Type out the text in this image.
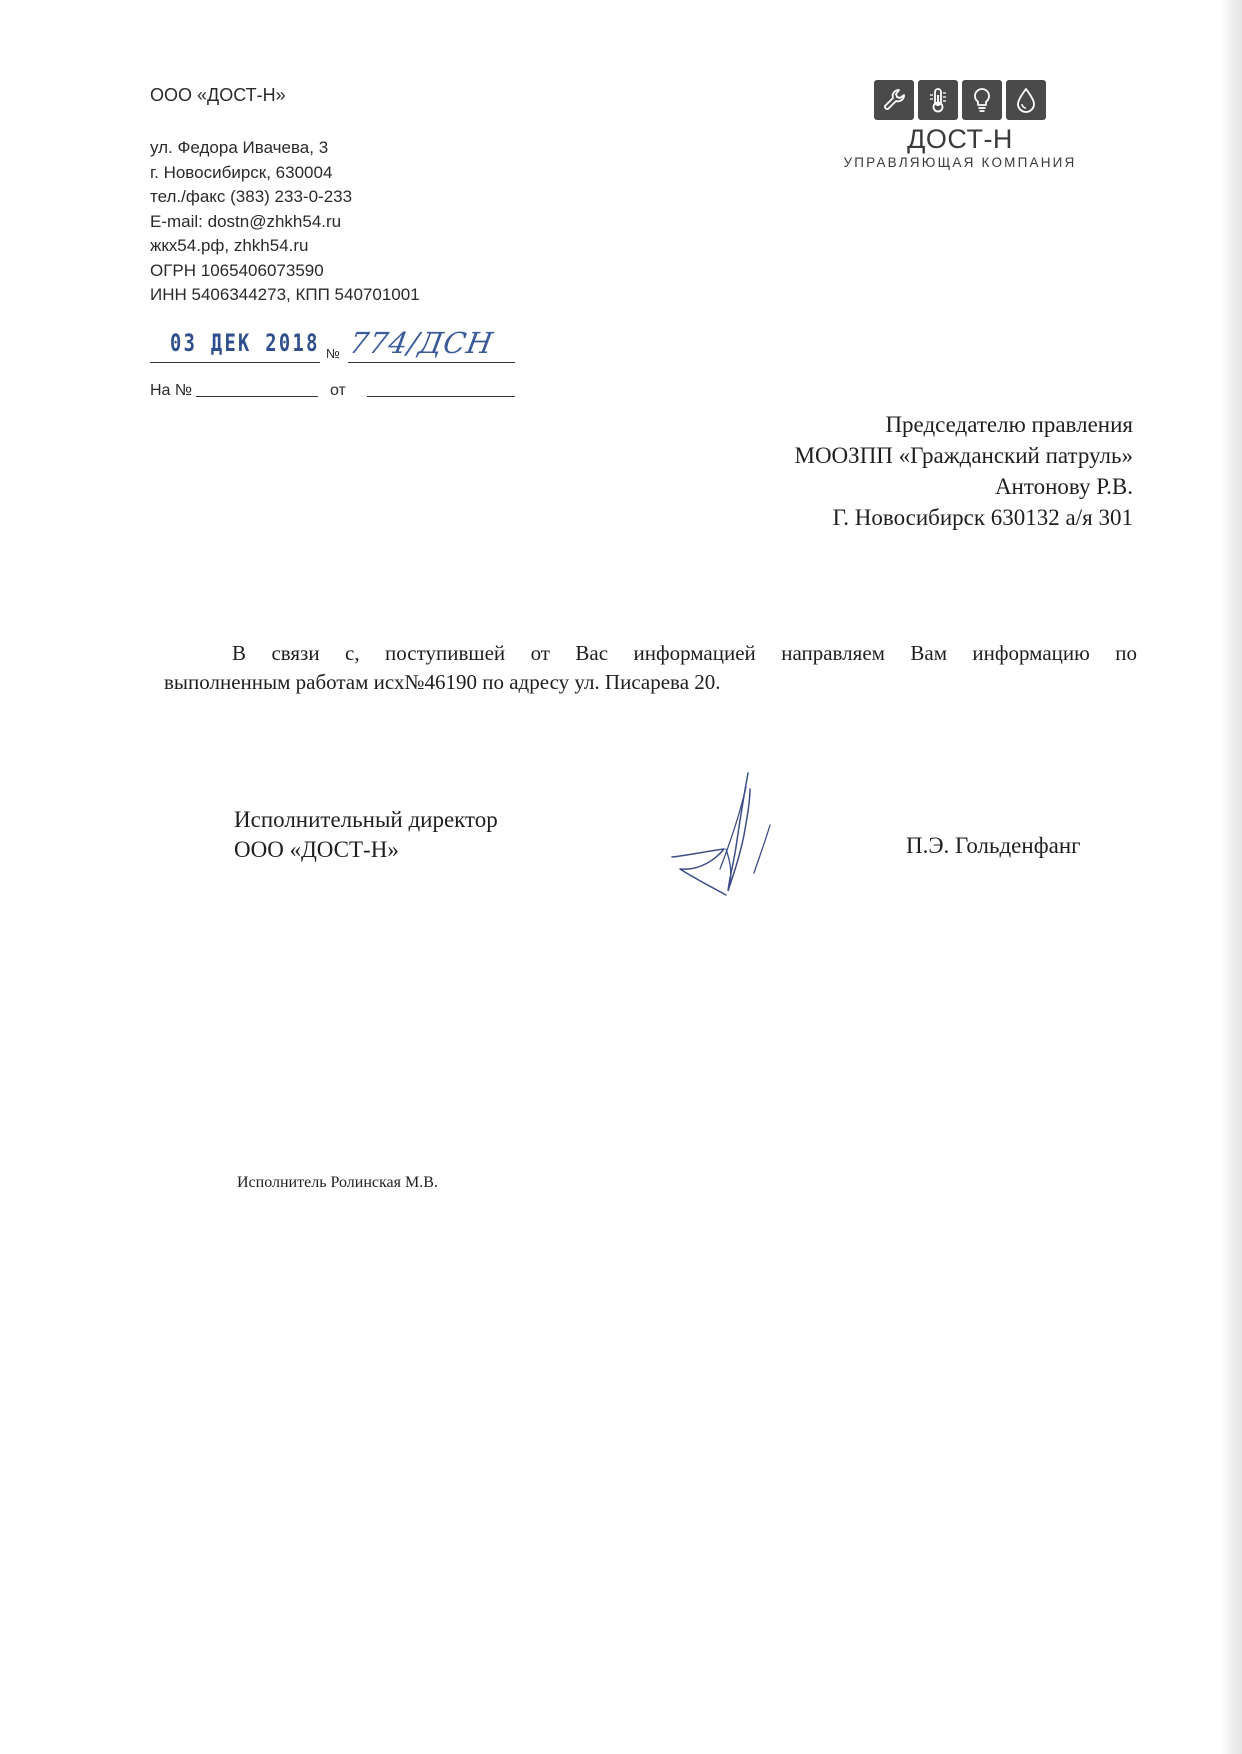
ООО «ДОСТ-Н»
ул. Федора Ивачева, 3
г. Новосибирск, 630004
тел./факс (383) 233-0-233
E-mail: dostn@zhkh54.ru
жкх54.рф, zhkh54.ru
ОГРН 1065406073590
ИНН 5406344273, КПП 540701001
ДОСТ-Н
УПРАВЛЯЮЩАЯ КОМПАНИЯ
03 ДЕК 2018 № 774/ДСН
На №	от
Председателю правления
МООЗПП «Гражданский патруль»
Антонову Р.В.
Г. Новосибирск 630132 а/я 301
В связи с, поступившей от Вас информацией направляем Вам информацию по
выполненным работам исх№46190 по адресу ул. Писарева 20.
Исполнительный директор
ООО «ДОСТ-Н»	П.Э. Гольденфанг
Исполнитель Ролинская М.В.
